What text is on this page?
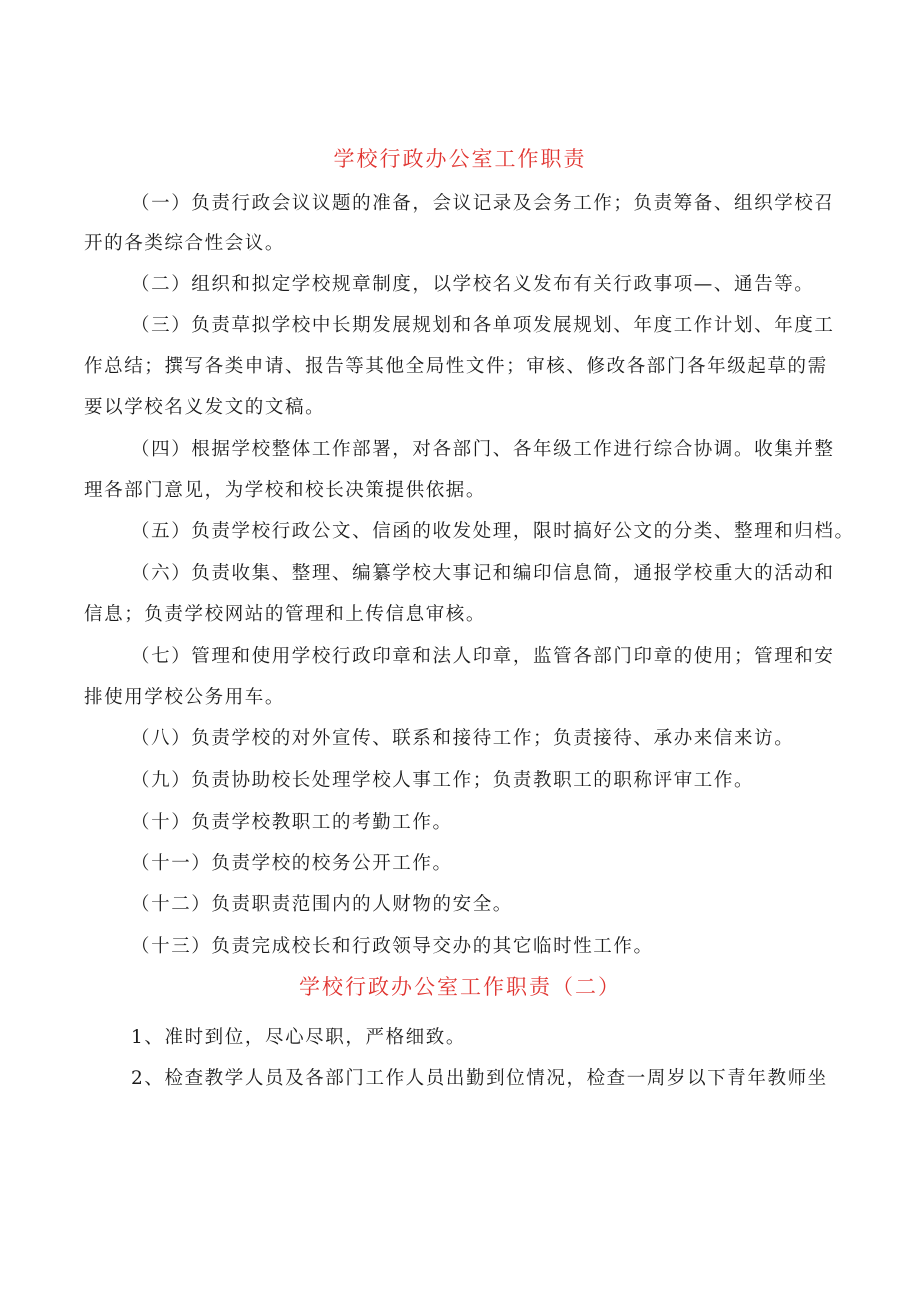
学校行政办公室工作职责
（一）负责行政会议议题的准备，会议记录及会务工作；负责筹备、组织学校召
开的各类综合性会议。
（二）组织和拟定学校规章制度，以学校名义发布有关行政事项—、通告等。
（三）负责草拟学校中长期发展规划和各单项发展规划、年度工作计划、年度工
作总结；撰写各类申请、报告等其他全局性文件；审核、修改各部门各年级起草的需
要以学校名义发文的文稿。
（四）根据学校整体工作部署，对各部门、各年级工作进行综合协调。收集并整
理各部门意见，为学校和校长决策提供依据。
（五）负责学校行政公文、信函的收发处理，限时搞好公文的分类、整理和归档。
（六）负责收集、整理、编纂学校大事记和编印信息简，通报学校重大的活动和
信息；负责学校网站的管理和上传信息审核。
（七）管理和使用学校行政印章和法人印章，监管各部门印章的使用；管理和安
排使用学校公务用车。
（八）负责学校的对外宣传、联系和接待工作；负责接待、承办来信来访。
（九）负责协助校长处理学校人事工作；负责教职工的职称评审工作。
（十）负责学校教职工的考勤工作。
（十一）负责学校的校务公开工作。
（十二）负责职责范围内的人财物的安全。
（十三）负责完成校长和行政领导交办的其它临时性工作。
学校行政办公室工作职责（二）
1、准时到位，尽心尽职，严格细致。
2、检查教学人员及各部门工作人员出勤到位情况，检查一周岁以下青年教师坐
